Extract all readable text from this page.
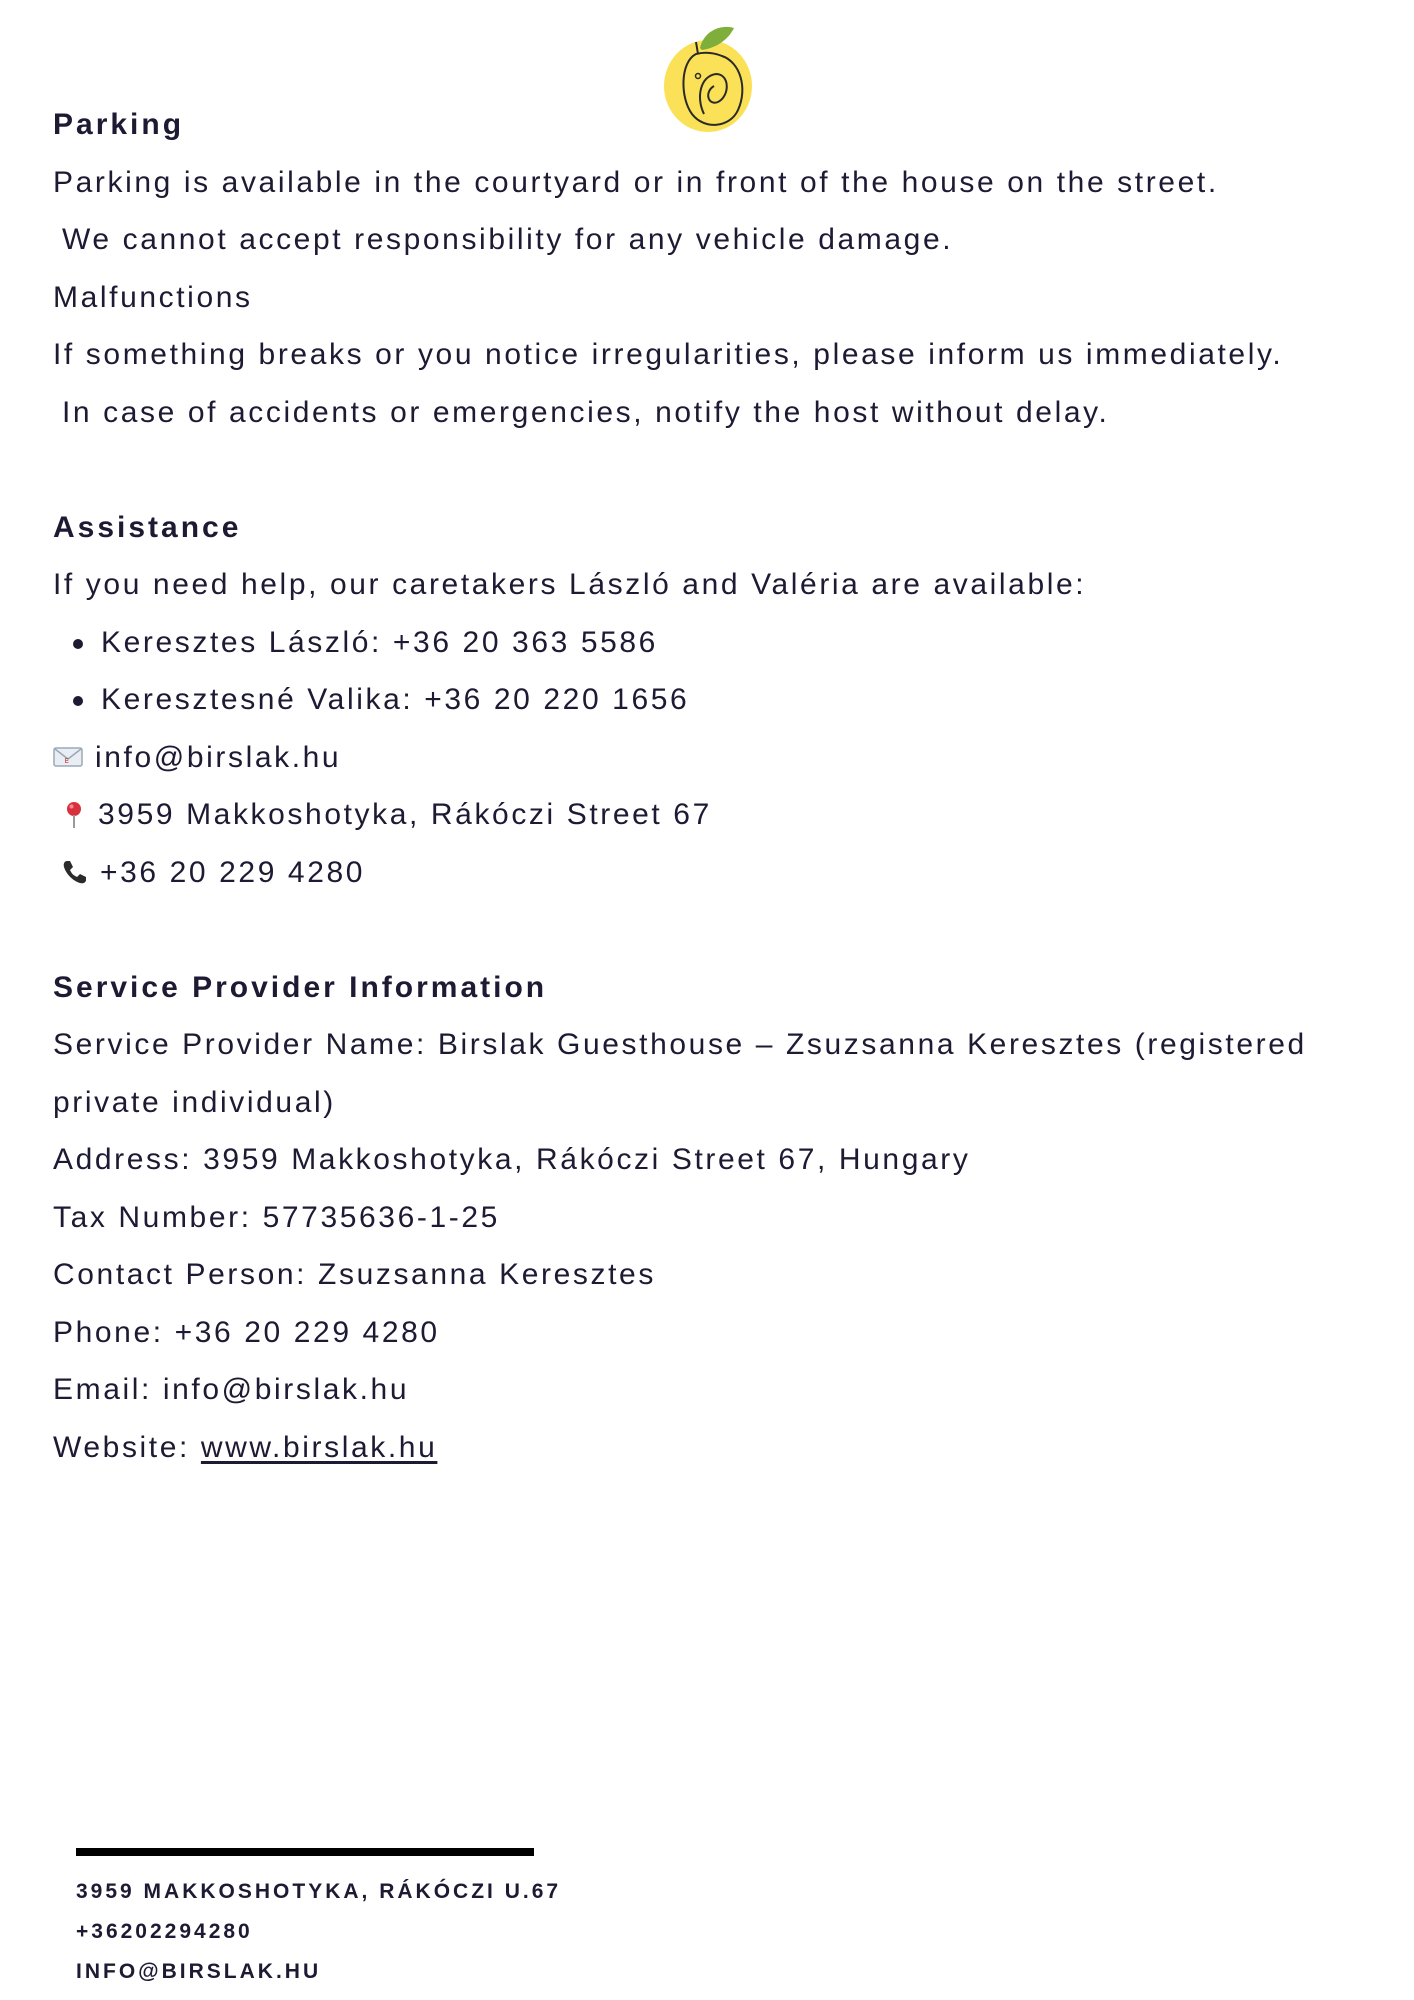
Parking
Parking is available in the courtyard or in front of the house on the street.
We cannot accept responsibility for any vehicle damage.
Malfunctions
If something breaks or you notice irregularities, please inform us immediately.
In case of accidents or emergencies, notify the host without delay.
Assistance
If you need help, our caretakers László and Valéria are available:
Keresztes László: +36 20 363 5586
Keresztesné Valika: +36 20 220 1656
E info@birslak.hu
3959 Makkoshotyka, Rákóczi Street 67
+36 20 229 4280
Service Provider Information
Service Provider Name: Birslak Guesthouse – Zsuzsanna Keresztes (registered
private individual)
Address: 3959 Makkoshotyka, Rákóczi Street 67, Hungary
Tax Number: 57735636-1-25
Contact Person: Zsuzsanna Keresztes
Phone: +36 20 229 4280
Email: info@birslak.hu
Website: www.birslak.hu
3959 MAKKOSHOTYKA, RÁKÓCZI U.67
+36202294280
INFO@BIRSLAK.HU
